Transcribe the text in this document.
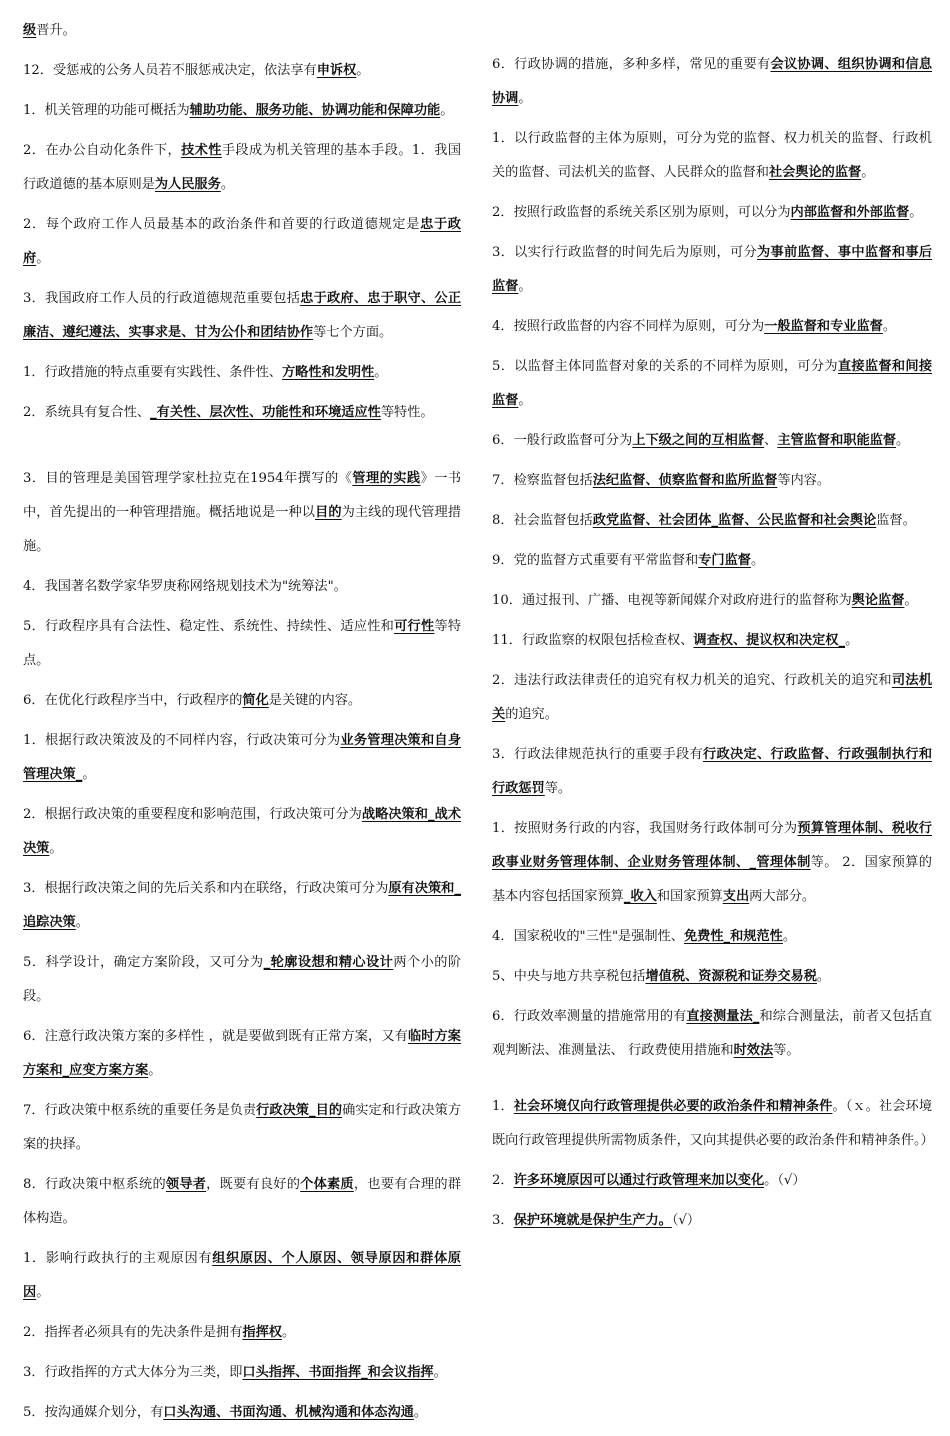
级晋升。

12．受惩戒的公务人员若不服惩戒决定，依法享有申诉权。

1．机关管理的功能可概括为辅助功能、服务功能、协调功能和保障功能。

2．在办公自动化条件下，技术性手段成为机关管理的基本手段。1．我国行政道德的基本原则是为人民服务。

2．每个政府工作人员最基本的政治条件和首要的行政道德规定是忠于政府。

3．我国政府工作人员的行政道德规范重要包括忠于政府、忠于职守、公正廉洁、遵纪遵法、实事求是、甘为公仆和团结协作等七个方面。

1．行政措施的特点重要有实践性、条件性、方略性和发明性。

2．系统具有复合性、_有关性、层次性、功能性和环境适应性等特性。

3．目的管理是美国管理学家杜拉克在1954年撰写的《管理的实践》一书中，首先提出的一种管理措施。概括地说是一种以目的为主线的现代管理措施。

4．我国著名数学家华罗庚称网络规划技术为"统筹法"。

5．行政程序具有合法性、稳定性、系统性、持续性、适应性和可行性等特点。

6．在优化行政程序当中，行政程序的简化是关键的内容。

1．根据行政决策波及的不同样内容，行政决策可分为业务管理决策和自身管理决策_。

2．根据行政决策的重要程度和影响范围，行政决策可分为战略决策和_战术决策。

3．根据行政决策之间的先后关系和内在联络，行政决策可分为原有决策和_追踪决策。

5．科学设计，确定方案阶段，又可分为_轮廓设想和精心设计两个小的阶段。

6．注意行政决策方案的多样性 ，就是要做到既有正常方案，又有临时方案方案和_应变方案方案。

7．行政决策中枢系统的重要任务是负责行政决策_目的确实定和行政决策方案的抉择。

8．行政决策中枢系统的领导者，既要有良好的个体素质，也要有合理的群体构造。

1．影响行政执行的主观原因有组织原因、个人原因、领导原因和群体原因。

2．指挥者必须具有的先决条件是拥有指挥权。

3．行政指挥的方式大体分为三类，即口头指挥、书面指挥_和会议指挥。

5．按沟通媒介划分，有口头沟通、书面沟通、机械沟通和体态沟通。

6．行政协调的措施，多种多样，常见的重要有会议协调、组织协调和信息协调。

1．以行政监督的主体为原则，可分为党的监督、权力机关的监督、行政机关的监督、司法机关的监督、人民群众的监督和社会舆论的监督。

2．按照行政监督的系统关系区别为原则，可以分为内部监督和外部监督。

3．以实行行政监督的时间先后为原则，可分为事前监督、事中监督和事后监督。

4．按照行政监督的内容不同样为原则，可分为一般监督和专业监督。

5．以监督主体同监督对象的关系的不同样为原则，可分为直接监督和间接监督。

6．一般行政监督可分为上下级之间的互相监督、主管监督和职能监督。

7．检察监督包括法纪监督、侦察监督和监所监督等内容。

8．社会监督包括政党监督、社会团体_监督、公民监督和社会舆论监督。

9．党的监督方式重要有平常监督和专门监督。

10．通过报刊、广播、电视等新闻媒介对政府进行的监督称为舆论监督。

11．行政监察的权限包括检查权、调查权、提议权和决定权_。

2．违法行政法律责任的追究有权力机关的追究、行政机关的追究和司法机关的追究。

3．行政法律规范执行的重要手段有行政决定、行政监督、行政强制执行和行政惩罚等。

1．按照财务行政的内容，我国财务行政体制可分为预算管理体制、税收行政事业财务管理体制、企业财务管理体制、_管理体制等。 2．国家预算的基本内容包括国家预算_收入和国家预算支出两大部分。

4．国家税收的"三性"是强制性、免费性_和规范性。

5、中央与地方共享税包括增值税、资源税和证券交易税。

6．行政效率测量的措施常用的有直接测量法_和综合测量法，前者又包括直观判断法、准测量法、 行政费使用措施和时效法等。

1．社会环境仅向行政管理提供必要的政治条件和精神条件。（ｘ。社会环境既向行政管理提供所需物质条件，又向其提供必要的政治条件和精神条件。）

2．许多环境原因可以通过行政管理来加以变化。（√）

3．保护环境就是保护生产力。（√）
